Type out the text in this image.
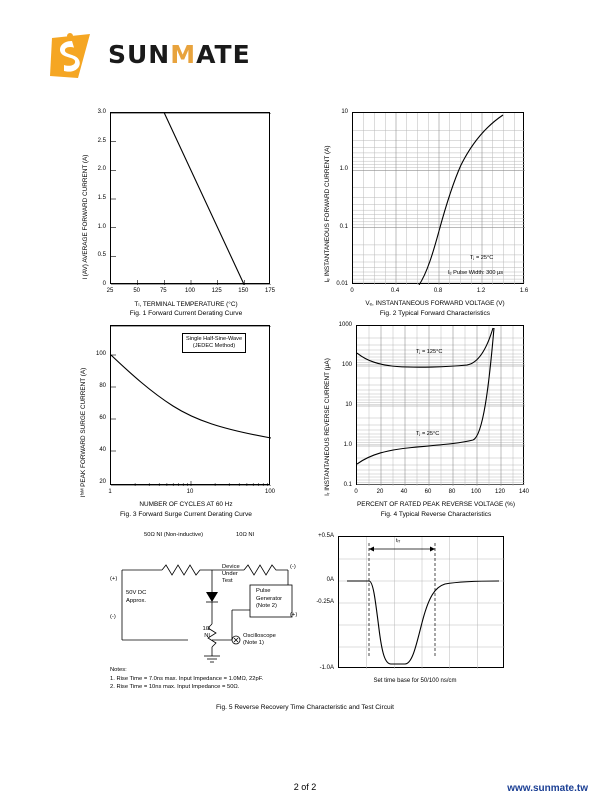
SUNMATE
I (AV) AVERAGE FORWARD CURRENT (A)
3.0
2.5
2.0
1.5
1.0
0.5
0
25	50	75	100	125	150	175
Tₗ, TERMINAL TEMPERATURE (°C)
Fig. 1 Forward Current Derating Curve
Iₑ INSTANTANEOUS FORWARD CURRENT (A)
10
1.0
0.1
0.01
0	0.4	0.8	1.2	1.6
Tⱼ = 25°C
Iₑ Pulse Width: 300 µs
Vₑ, INSTANTANEOUS FORWARD VOLTAGE (V)
Fig. 2 Typical Forward Characteristics
Iᶠˢᴹ PEAK FORWARD SURGE CURRENT (A)
100
80
60
40
20
1	10	100
Single Half-Sine-Wave
(JEDEC Method)
NUMBER OF CYCLES AT 60 Hz
Fig. 3 Forward Surge Current Derating Curve
Iᵣ INSTANTANEOUS REVERSE CURRENT (µA)
1000
100
10
1.0
0.1
0	20	40	60	80	100 120 140
Tⱼ = 125°C
Tⱼ = 25°C
PERCENT OF RATED PEAK REVERSE VOLTAGE (%)
Fig. 4 Typical Reverse Characteristics
50Ω NI (Non-inductive)	10Ω NI
Device
Under
Test
50V DC
Approx.
(+)
(-)
1Ω
NI	Oscilloscope
(Note 1)
Pulse
Generator
(Note 2)
(-)
(+)
Notes:
1. Rise Time = 7.0ns max. Input Impedance = 1.0MΩ, 22pF.
2. Rise Time = 10ns max. Input Impedance = 50Ω.
+0.5A
0A
-0.25A
-1.0A
tᵣᵣ
Set time base for 50/100 ns/cm
Fig. 5 Reverse Recovery Time Characteristic and Test Circuit
2 of 2	www.sunmate.tw
